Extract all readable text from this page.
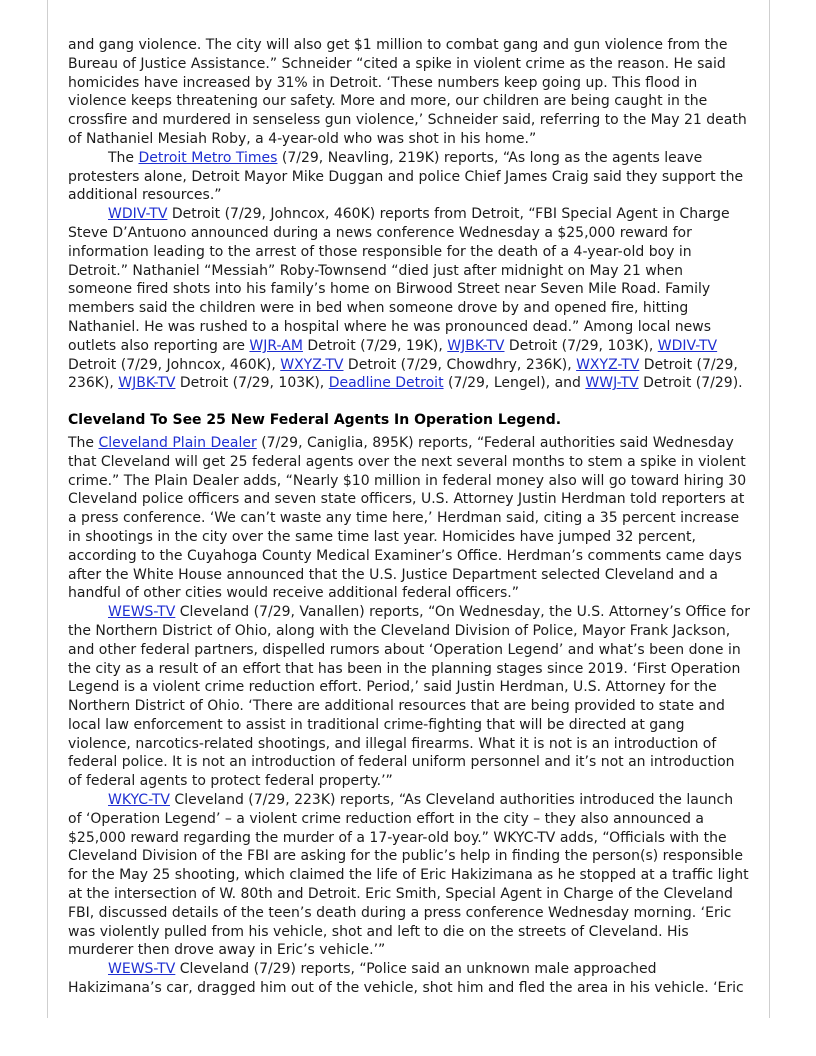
and gang violence. The city will also get $1 million to combat gang and gun violence from the Bureau of Justice Assistance.” Schneider “cited a spike in violent crime as the reason. He said homicides have increased by 31% in Detroit. ‘These numbers keep going up. This flood in violence keeps threatening our safety. More and more, our children are being caught in the crossfire and murdered in senseless gun violence,’ Schneider said, referring to the May 21 death of Nathaniel Mesiah Roby, a 4-year-old who was shot in his home.”

The Detroit Metro Times (7/29, Neavling, 219K) reports, “As long as the agents leave protesters alone, Detroit Mayor Mike Duggan and police Chief James Craig said they support the additional resources.”

WDIV-TV Detroit (7/29, Johncox, 460K) reports from Detroit, “FBI Special Agent in Charge Steve D’Antuono announced during a news conference Wednesday a $25,000 reward for information leading to the arrest of those responsible for the death of a 4-year-old boy in Detroit.” Nathaniel “Messiah” Roby-Townsend “died just after midnight on May 21 when someone fired shots into his family’s home on Birwood Street near Seven Mile Road. Family members said the children were in bed when someone drove by and opened fire, hitting Nathaniel. He was rushed to a hospital where he was pronounced dead.” Among local news outlets also reporting are WJR-AM Detroit (7/29, 19K), WJBK-TV Detroit (7/29, 103K), WDIV-TV Detroit (7/29, Johncox, 460K), WXYZ-TV Detroit (7/29, Chowdhry, 236K), WXYZ-TV Detroit (7/29, 236K), WJBK-TV Detroit (7/29, 103K), Deadline Detroit (7/29, Lengel), and WWJ-TV Detroit (7/29).

Cleveland To See 25 New Federal Agents In Operation Legend.

The Cleveland Plain Dealer (7/29, Caniglia, 895K) reports, “Federal authorities said Wednesday that Cleveland will get 25 federal agents over the next several months to stem a spike in violent crime.” The Plain Dealer adds, “Nearly $10 million in federal money also will go toward hiring 30 Cleveland police officers and seven state officers, U.S. Attorney Justin Herdman told reporters at a press conference. ‘We can’t waste any time here,’ Herdman said, citing a 35 percent increase in shootings in the city over the same time last year. Homicides have jumped 32 percent, according to the Cuyahoga County Medical Examiner’s Office. Herdman’s comments came days after the White House announced that the U.S. Justice Department selected Cleveland and a handful of other cities would receive additional federal officers.”

WEWS-TV Cleveland (7/29, Vanallen) reports, “On Wednesday, the U.S. Attorney’s Office for the Northern District of Ohio, along with the Cleveland Division of Police, Mayor Frank Jackson, and other federal partners, dispelled rumors about ‘Operation Legend’ and what’s been done in the city as a result of an effort that has been in the planning stages since 2019. ‘First Operation Legend is a violent crime reduction effort. Period,’ said Justin Herdman, U.S. Attorney for the Northern District of Ohio. ‘There are additional resources that are being provided to state and local law enforcement to assist in traditional crime-fighting that will be directed at gang violence, narcotics-related shootings, and illegal firearms. What it is not is an introduction of federal police. It is not an introduction of federal uniform personnel and it’s not an introduction of federal agents to protect federal property.’”

WKYC-TV Cleveland (7/29, 223K) reports, “As Cleveland authorities introduced the launch of ‘Operation Legend’ – a violent crime reduction effort in the city – they also announced a $25,000 reward regarding the murder of a 17-year-old boy.” WKYC-TV adds, “Officials with the Cleveland Division of the FBI are asking for the public’s help in finding the person(s) responsible for the May 25 shooting, which claimed the life of Eric Hakizimana as he stopped at a traffic light at the intersection of W. 80th and Detroit. Eric Smith, Special Agent in Charge of the Cleveland FBI, discussed details of the teen’s death during a press conference Wednesday morning. ‘Eric was violently pulled from his vehicle, shot and left to die on the streets of Cleveland. His murderer then drove away in Eric’s vehicle.’”

WEWS-TV Cleveland (7/29) reports, “Police said an unknown male approached Hakizimana’s car, dragged him out of the vehicle, shot him and fled the area in his vehicle. ‘Eric
